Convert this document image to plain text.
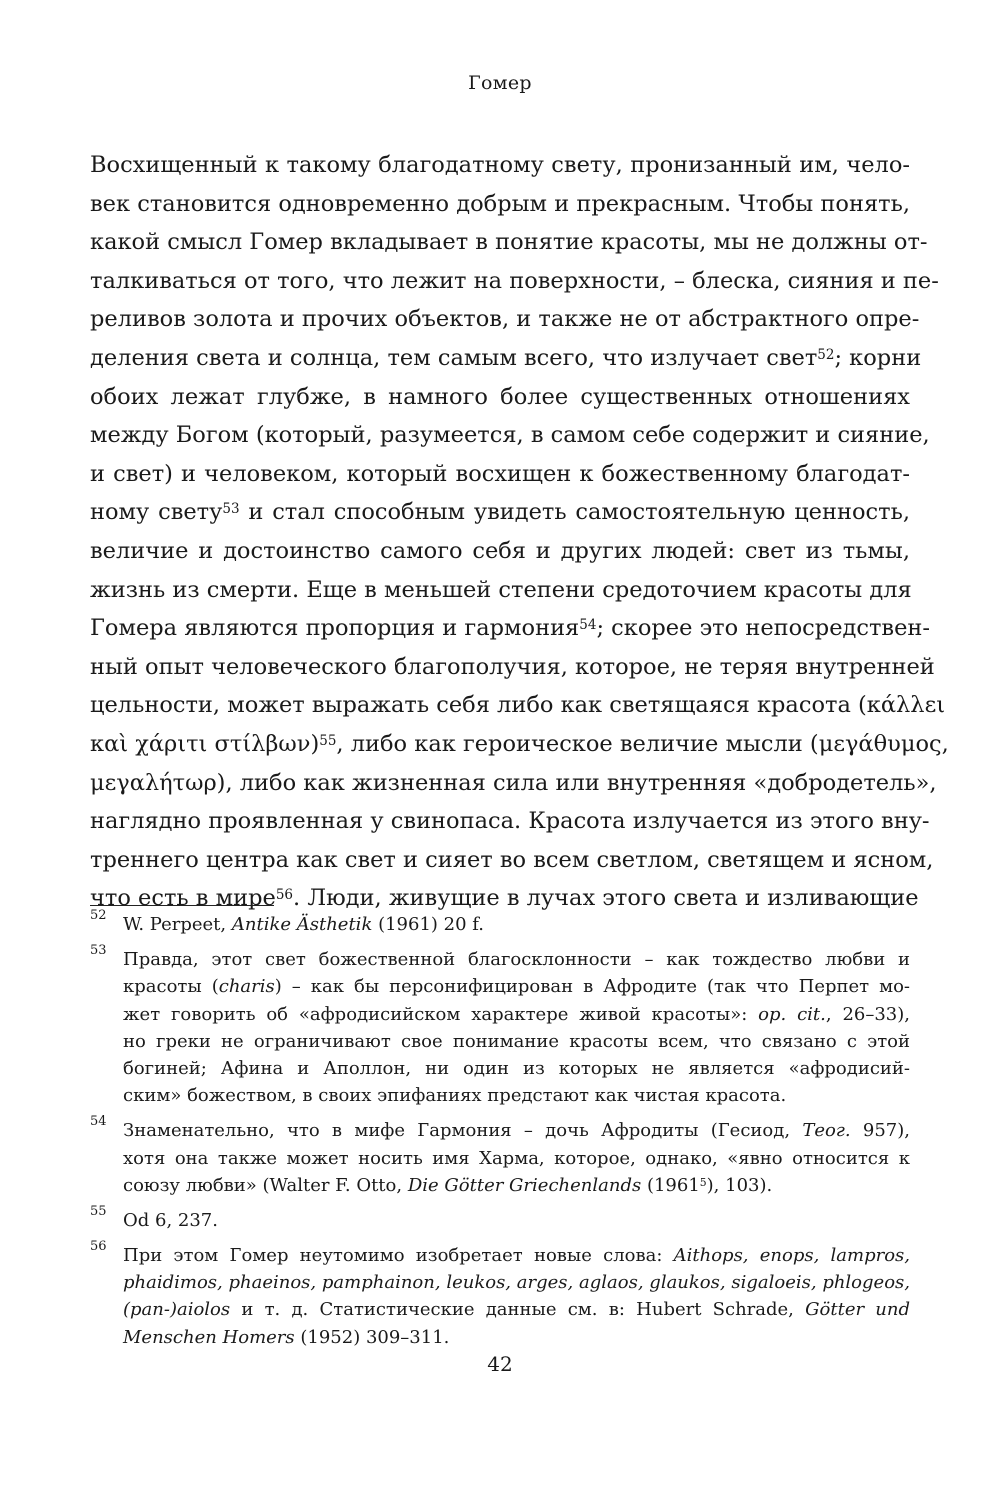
Гомер
Восхищенный к такому благодатному свету, пронизанный им, чело-
век становится одновременно добрым и прекрасным. Чтобы понять,
какой смысл Гомер вкладывает в понятие красоты, мы не должны от-
талкиваться от того, что лежит на поверхности, – блеска, сияния и пе-
реливов золота и прочих объектов, и также не от абстрактного опре-
деления света и солнца, тем самым всего, что излучает свет$^{52}$; корни
обоих лежат глубже, в намного более существенных отношениях
между Богом (который, разумеется, в самом себе содержит и сияние,
и свет) и человеком, который восхищен к божественному благодат-
ному свету$^{53}$ и стал способным увидеть самостоятельную ценность,
величие и достоинство самого себя и других людей: свет из тьмы,
жизнь из смерти. Еще в меньшей степени средоточием красоты для
Гомера являются пропорция и гармония$^{54}$; скорее это непосредствен-
ный опыт человеческого благополучия, которое, не теряя внутренней
цельности, может выражать себя либо как светящаяся красота (κάλλει
καὶ χάριτι στίλβων)$^{55}$, либо как героическое величие мысли (μεγάθυμος,
μεγαλήτωρ), либо как жизненная сила или внутренняя «добродетель»,
наглядно проявленная у свинопаса. Красота излучается из этого вну-
треннего центра как свет и сияет во всем светлом, светящем и ясном,
что есть в мире$^{56}$. Люди, живущие в лучах этого света и изливающие
52 W. Perpeet, Antike Ästhetik (1961) 20 f.
53 Правда, этот свет божественной благосклонности – как тождество любви и
красоты (charis) – как бы персонифицирован в Афродите (так что Перпет мо-
жет говорить об «афродисийском характере живой красоты»: op. cit., 26–33),
но греки не ограничивают свое понимание красоты всем, что связано с этой
богиней; Афина и Аполлон, ни один из которых не является «афродисий-
ским» божеством, в своих эпифаниях предстают как чистая красота.
54 Знаменательно, что в мифе Гармония – дочь Афродиты (Гесиод, Теог. 957),
хотя она также может носить имя Харма, которое, однако, «явно относится к
союзу любви» (Walter F. Otto, Die Götter Griechenlands (1961$^5$), 103).
55 Od 6, 237.
56 При этом Гомер неутомимо изобретает новые слова: Aithops, enops, lampros,
phaidimos, phaeinos, pamphainon, leukos, arges, aglaos, glaukos, sigaloeis, phlogeos,
(pan-)aiolos и т. д. Статистические данные см. в: Hubert Schrade, Götter und
Menschen Homers (1952) 309–311.
42
